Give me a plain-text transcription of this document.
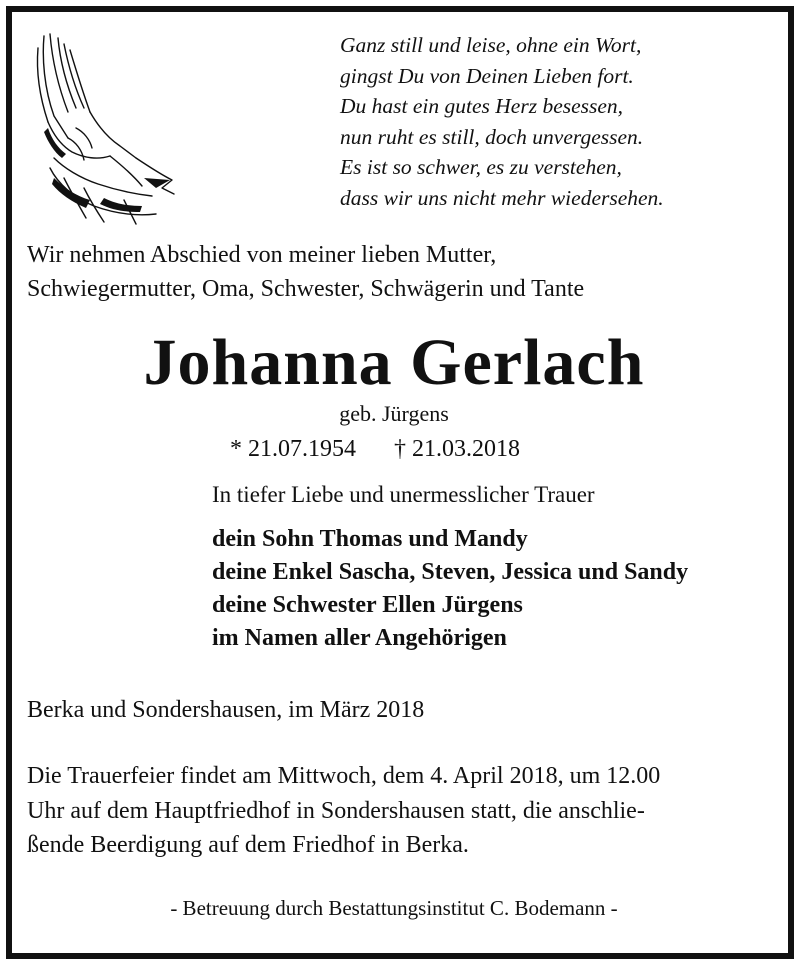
Ganz still und leise, ohne ein Wort,
gingst Du von Deinen Lieben fort.
Du hast ein gutes Herz besessen,
nun ruht es still, doch unvergessen.
Es ist so schwer, es zu verstehen,
dass wir uns nicht mehr wiedersehen.
Wir nehmen Abschied von meiner lieben Mutter,
Schwiegermutter, Oma, Schwester, Schwägerin und Tante
Johanna Gerlach
geb. Jürgens
* 21.07.1954 † 21.03.2018
In tiefer Liebe und unermesslicher Trauer
dein Sohn Thomas und Mandy
deine Enkel Sascha, Steven, Jessica und Sandy
deine Schwester Ellen Jürgens
im Namen aller Angehörigen
Berka und Sondershausen, im März 2018
Die Trauerfeier findet am Mittwoch, dem 4. April 2018, um 12.00
Uhr auf dem Hauptfriedhof in Sondershausen statt, die anschlie-
ßende Beerdigung auf dem Friedhof in Berka.
- Betreuung durch Bestattungsinstitut C. Bodemann -
